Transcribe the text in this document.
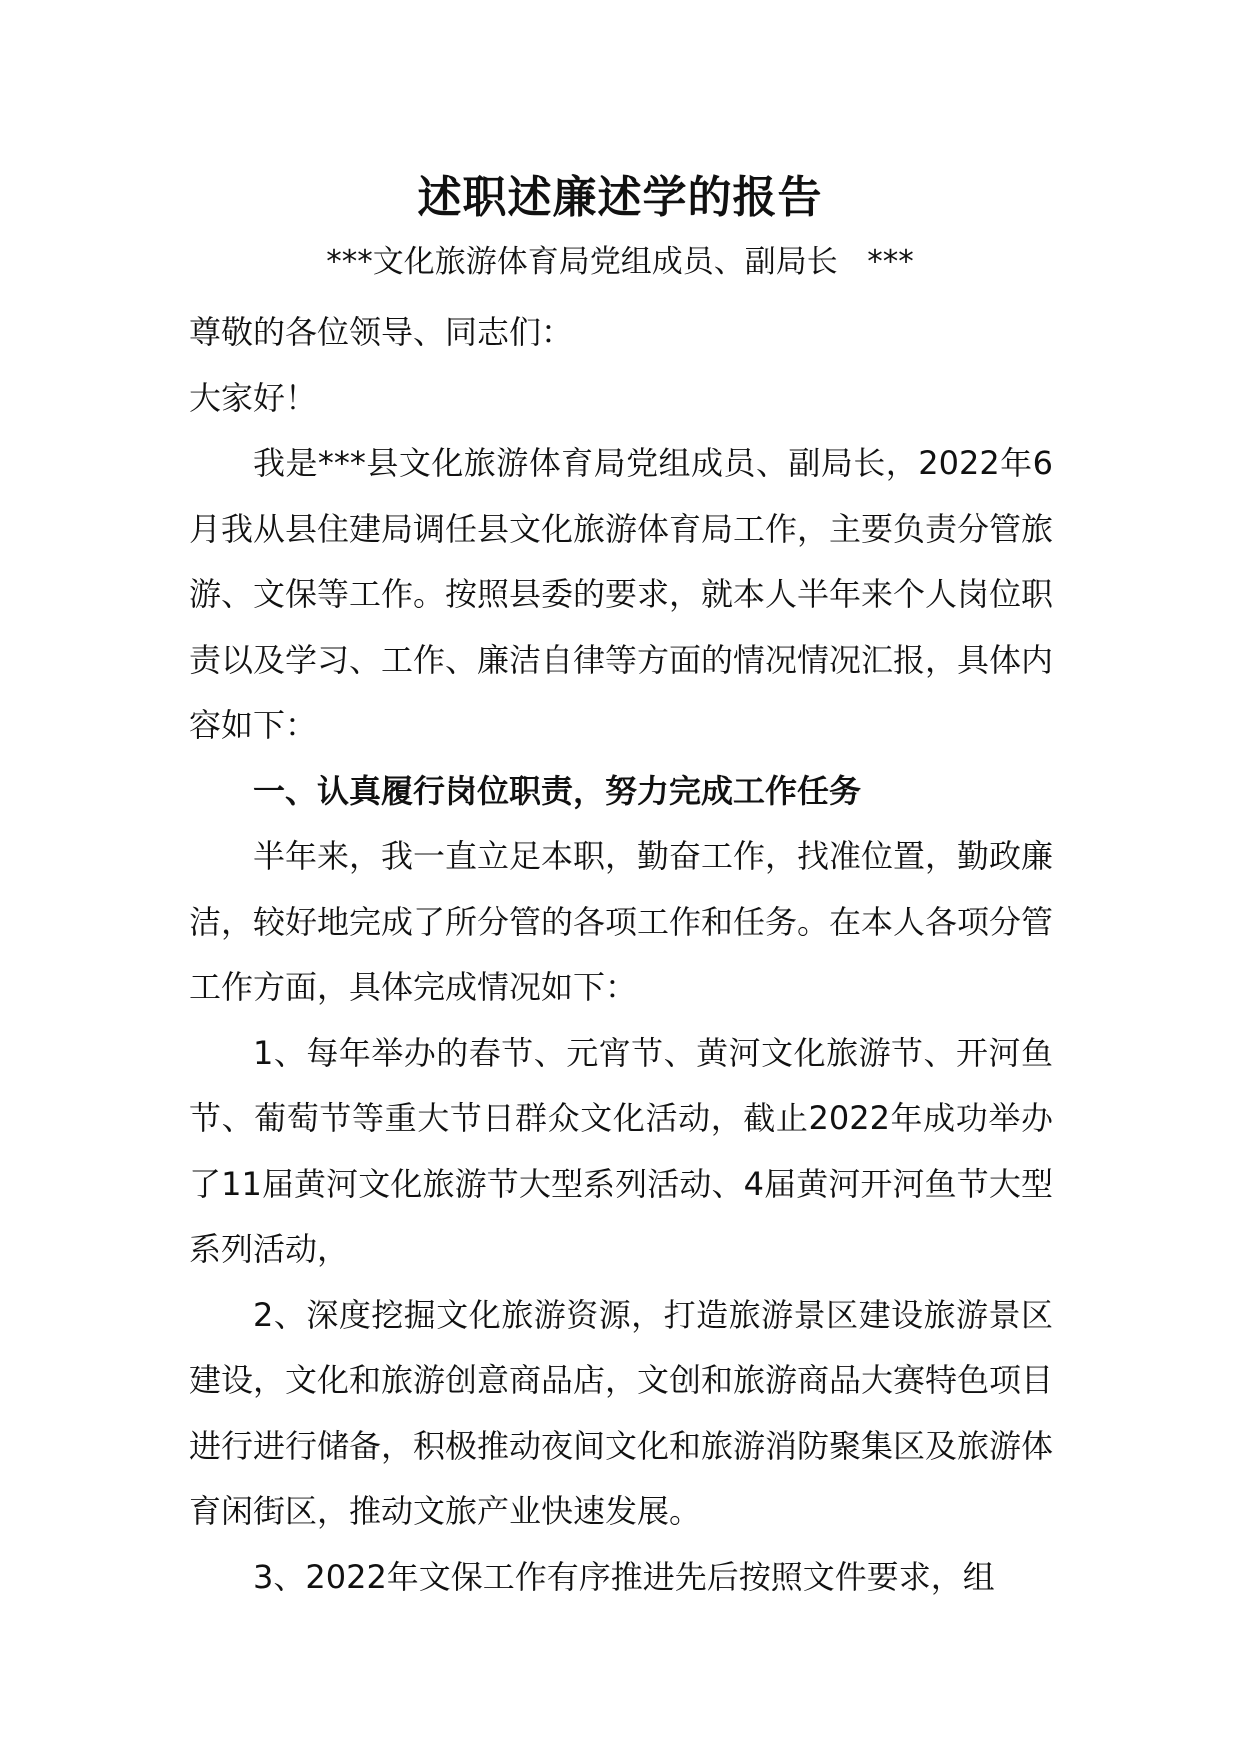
述职述廉述学的报告

***文化旅游体育局党组成员、副局长   ***

尊敬的各位领导、同志们：

大家好！

我是***县文化旅游体育局党组成员、副局长，2022年6月我从县住建局调任县文化旅游体育局工作，主要负责分管旅游、文保等工作。按照县委的要求，就本人半年来个人岗位职责以及学习、工作、廉洁自律等方面的情况情况汇报，具体内容如下：

一、认真履行岗位职责，努力完成工作任务

半年来，我一直立足本职，勤奋工作，找准位置，勤政廉洁，较好地完成了所分管的各项工作和任务。在本人各项分管工作方面，具体完成情况如下：

1、每年举办的春节、元宵节、黄河文化旅游节、开河鱼节、葡萄节等重大节日群众文化活动，截止2022年成功举办了11届黄河文化旅游节大型系列活动、4届黄河开河鱼节大型系列活动，

2、深度挖掘文化旅游资源，打造旅游景区建设旅游景区建设，文化和旅游创意商品店，文创和旅游商品大赛特色项目进行进行储备，积极推动夜间文化和旅游消防聚集区及旅游体育闲街区，推动文旅产业快速发展。

3、2022年文保工作有序推进先后按照文件要求，组
